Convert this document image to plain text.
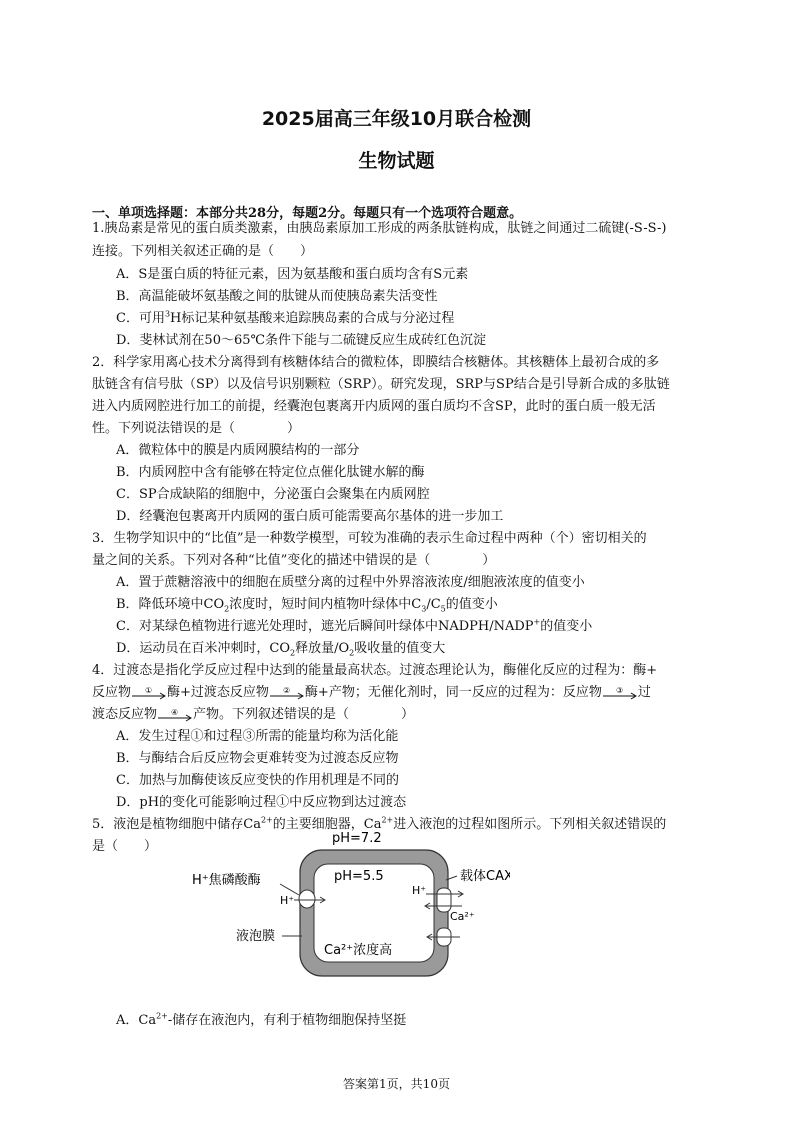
2025届高三年级10月联合检测
生物试题
一、单项选择题：本部分共28分，每题2分。每题只有一个选项符合题意。
1.胰岛素是常见的蛋白质类激素，由胰岛素原加工形成的两条肽链构成，肽链之间通过二硫键(-S-S-)
连接。下列相关叙述正确的是（　　）
A．S是蛋白质的特征元素，因为氨基酸和蛋白质均含有S元素
B．高温能破坏氨基酸之间的肽键从而使胰岛素失活变性
C．可用$^3$H标记某种氨基酸来追踪胰岛素的合成与分泌过程
D．斐林试剂在50～65℃条件下能与二硫键反应生成砖红色沉淀
2．科学家用离心技术分离得到有核糖体结合的微粒体，即膜结合核糖体。其核糖体上最初合成的多
肽链含有信号肽（SP）以及信号识别颗粒（SRP）。研究发现，SRP与SP结合是引导新合成的多肽链
进入内质网腔进行加工的前提，经囊泡包裹离开内质网的蛋白质均不含SP，此时的蛋白质一般无活
性。下列说法错误的是（　　　　）
A．微粒体中的膜是内质网膜结构的一部分
B．内质网腔中含有能够在特定位点催化肽键水解的酶
C．SP合成缺陷的细胞中，分泌蛋白会聚集在内质网腔
D．经囊泡包裹离开内质网的蛋白质可能需要高尔基体的进一步加工
3．生物学知识中的“比值”是一种数学模型，可较为准确的表示生命过程中两种（个）密切相关的
量之间的关系。下列对各种“比值”变化的描述中错误的是（　　　　）
A．置于蔗糖溶液中的细胞在质壁分离的过程中外界溶液浓度/细胞液浓度的值变小
B．降低环境中$CO_2$浓度时，短时间内植物叶绿体中$C_3/C_5$的值变小
C．对某绿色植物进行遮光处理时，遮光后瞬间叶绿体中NADPH/NADP+的值变小
D．运动员在百米冲刺时，$CO_2$释放量$/O_2$吸收量的值变大
4．过渡态是指化学反应过程中达到的能量最高状态。过渡态理论认为，酶催化反应的过程为：酶+
反应物 ① 酶+过渡态反应物 ② 酶+产物；无催化剂时，同一反应的过程为：反应物 ③ 过
渡态反应物 ④ 产物。下列叙述错误的是（　　　　）
A．发生过程①和过程③所需的能量均称为活化能
B．与酶结合后反应物会更难转变为过渡态反应物
C．加热与加酶使该反应变快的作用机理是不同的
D．pH的变化可能影响过程①中反应物到达过渡态
5．液泡是植物细胞中储存$Ca^{2+}$的主要细胞器，$Ca^{2+}$进入液泡的过程如图所示。下列相关叙述错误的
是（　　）
pH=7.2
pH=5.5
H⁺焦磷酸酶
H⁺
载体CAX
H⁺
Ca²⁺
液泡膜
Ca²⁺浓度高
A．$Ca^{2+}-$储存在液泡内，有利于植物细胞保持坚挺
答案第1页，共10页
